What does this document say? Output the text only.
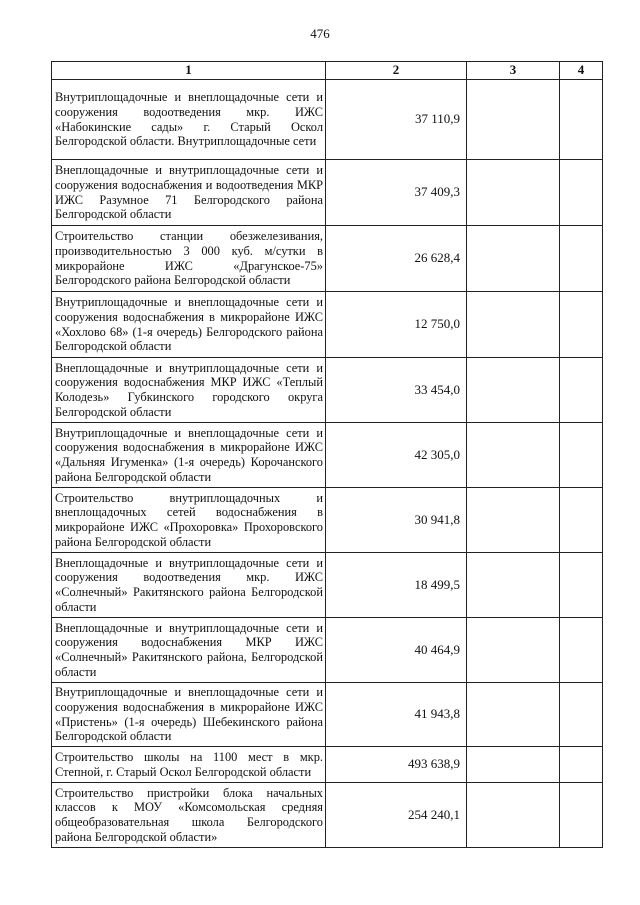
476
1	2	3	4
Внутриплощадочные и внеплощадочные сети и сооружения водоотведения мкр. ИЖС «Набокинские сады» г. Старый Оскол Белгородской области. Внутриплощадочные сети	37 110,9		
Внеплощадочные и внутриплощадочные сети и сооружения водоснабжения и водоотведения МКР ИЖС Разумное 71 Белгородского района Белгородской области	37 409,3		
Строительство станции обезжелезивания, производительностью 3 000 куб. м/сутки в микрорайоне ИЖС «Драгунское-75» Белгородского района Белгородской области	26 628,4		
Внутриплощадочные и внеплощадочные сети и сооружения водоснабжения в микрорайоне ИЖС «Хохлово 68» (1-я очередь) Белгородского района Белгородской области	12 750,0		
Внеплощадочные и внутриплощадочные сети и сооружения водоснабжения МКР ИЖС «Теплый Колодезь» Губкинского городского округа Белгородской области	33 454,0		
Внутриплощадочные и внеплощадочные сети и сооружения водоснабжения в микрорайоне ИЖС «Дальняя Игуменка» (1-я очередь) Корочанского района Белгородской области	42 305,0		
Строительство внутриплощадочных и внеплощадочных сетей водоснабжения в микрорайоне ИЖС «Прохоровка» Прохоровского района Белгородской области	30 941,8		
Внеплощадочные и внутриплощадочные сети и сооружения водоотведения мкр. ИЖС «Солнечный» Ракитянского района Белгородской области	18 499,5		
Внеплощадочные и внутриплощадочные сети и сооружения водоснабжения МКР ИЖС «Солнечный» Ракитянского района, Белгородской области	40 464,9		
Внутриплощадочные и внеплощадочные сети и сооружения водоснабжения в микрорайоне ИЖС «Пристень» (1-я очередь) Шебекинского района Белгородской области	41 943,8		
Строительство школы на 1100 мест в мкр. Степной, г. Старый Оскол Белгородской области	493 638,9		
Строительство пристройки блока начальных классов к МОУ «Комсомольская средняя общеобразовательная школа Белгородского района Белгородской области»	254 240,1		
